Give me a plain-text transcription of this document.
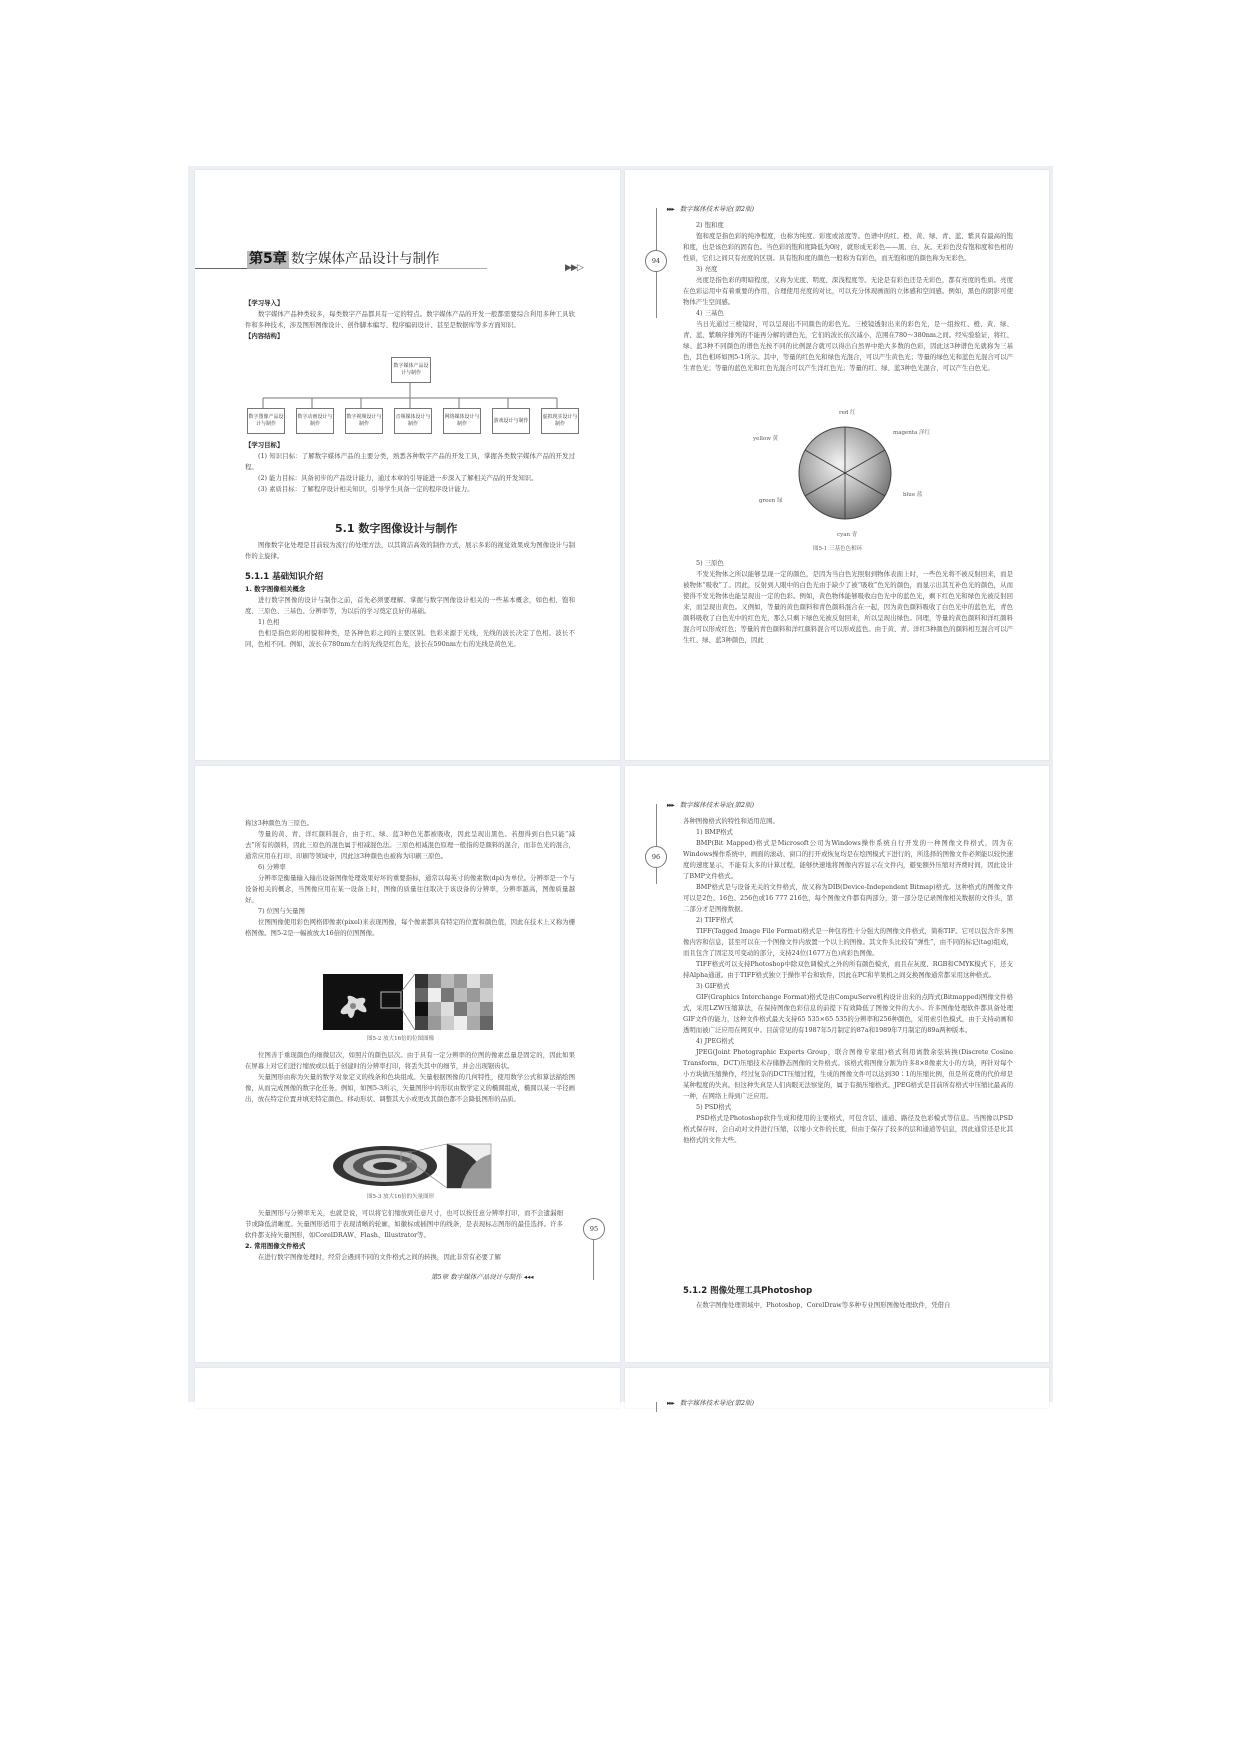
第5章 数字媒体产品设计与制作
▶▶▷

【学习导入】

数字媒体产品种类较多，每类数字产品都具有一定的特点。数字媒体产品的开发一般都需要综合利用多种工具软件和多种技术，涉及图形图像设计、创作脚本编写、程序编码设计、甚至是数据库等多方面知识。

【内容结构】

数字媒体产品设计与制作
数字图像产品设计与制作
数字动画设计与制作
数字视频设计与制作
音频媒体设计与制作
网络媒体设计与制作
游戏设计与制作
虚拟现实设计与制作

【学习目标】

(1) 知识目标：了解数字媒体产品的主要分类，熟悉各种数字产品的开发工具，掌握各类数字媒体产品的开发过程。

(2) 能力目标：具备初步的产品设计能力，通过本章的引导能进一步深入了解相关产品的开发知识。

(3) 素质目标：了解程序设计相关知识，引导学生具备一定的程序设计能力。

5.1 数字图像设计与制作

图像数字化处理是目前较为流行的处理方法，以其简洁高效的制作方式，展示多彩的视觉效果成为图像设计与制作的主旋律。

5.1.1 基础知识介绍

1. 数字图像相关概念

进行数字图像的设计与制作之前，首先必须要理解、掌握与数字图像设计相关的一些基本概念，如色相、饱和度、三原色、三基色、分辨率等，为以后的学习奠定良好的基础。

1) 色相

色相是指色彩的相貌和种类，是各种色彩之间的主要区别。色彩来源于光线，光线的波长决定了色相。波长不同，色相不同。例如，波长在780nm左右的光线是红色光，波长在590nm左右的光线是黄色光。

▸▸▸ 数字媒体技术导论(第2版)
94

2) 饱和度

饱和度是指色彩的纯净程度，也称为纯度、彩度或浓度等。色谱中的红、橙、黄、绿、青、蓝、紫具有最高的饱和度，也是该色彩的固有色。当色彩的饱和度降低为0时，就形成无彩色——黑、白、灰。无彩色没有饱和度和色相的性质，它们之间只有亮度的区别。具有饱和度的颜色一般称为有彩色，而无饱和度的颜色称为无彩色。

3) 亮度

亮度是指色彩的明暗程度，又称为光度、明度、深浅程度等。无论是有彩色还是无彩色，都有亮度的性质。亮度在色彩运用中有着重要的作用，合理使用亮度的对比，可以充分体现画面的立体感和空间感。例如，黑色的阴影可使物体产生空间感。

4) 三基色

当日光通过三棱镜时，可以呈现出不同颜色的彩色光。三棱镜透射出来的彩色光，是一组按红、橙、黄、绿、青、蓝、紫顺序排列的不能再分解的谱色光，它们的波长依次减小，范围在780～380nm之间。经实验验证，将红、绿、蓝3种不同颜色的谱色光按不同的比例混合就可以得出自然界中绝大多数的色彩，因此这3种谱色光就称为三基色，其色相环如图5-1所示。其中，等量的红色光和绿色光混合，可以产生黄色光；等量的绿色光和蓝色光混合可以产生青色光；等量的蓝色光和红色光混合可以产生洋红色光；等量的红、绿、蓝3种色光混合，可以产生白色光。

red 红
magenta 洋红
blue 蓝
cyan 青
green 绿
yellow 黄
图5-1 三基色色相环

5) 三原色

不发光物体之所以能够呈现一定的颜色，是因为当白色光照射到物体表面上时，一些色光将不被反射回来，而是被物体“吸收”了。因此，反射到人眼中的白色光由于缺少了被“吸收”色光的颜色，而显示出其互补色光的颜色，从而使得不发光物体也能呈现出一定的色彩。例如，黄色物体能够吸收白色光中的蓝色光，剩下红色光和绿色光被反射回来，而呈现出黄色。又例如，等量的黄色颜料和青色颜料混合在一起，因为黄色颜料吸收了白色光中的蓝色光，青色颜料吸收了白色光中的红色光，那么只剩下绿色光被反射回来，所以呈现出绿色。同理，等量的黄色颜料和洋红颜料混合可以形成红色；等量的青色颜料和洋红颜料混合可以形成蓝色。由于黄、青、洋红3种颜色的颜料相互混合可以产生红、绿、蓝3种颜色，因此

称这3种颜色为三原色。

等量的黄、青、洋红颜料混合，由于红、绿、蓝3种色光都被吸收，因此呈现出黑色。若想得到白色只能“减去”所有的颜料，因此三原色的混色属于相减混色法。三原色相减混色原理一般指的是颜料的混合，而非色光的混合，通常应用在打印、印刷等领域中，因此这3种颜色也被称为印刷三原色。

6) 分辨率

分辨率是衡量输入输出设备图像处理效果好坏的重要指标，通常以每英寸的像素数(dpi)为单位。分辨率是一个与设备相关的概念，当图像应用在某一设备上时，图像的质量往往取决于该设备的分辨率，分辨率越高，图像质量越好。

7) 位图与矢量图

位图图像使用彩色网格即像素(pixel)来表现图像，每个像素都具有特定的位置和颜色值，因此在技术上又称为栅格图像。图5-2是一幅被放大16倍的位图图像。

图5-2 放大16倍的位图图像

位图善于重现颜色的细微层次，如照片的颜色层次。由于具有一定分辨率的位图的像素总量是固定的，因此如果在屏幕上对它们进行缩放或以低于创建时的分辨率打印，将丢失其中的细节，并会出现锯齿状。

矢量图形由称为矢量的数学对象定义的线条和色块组成。矢量根据图像的几何特性，使用数学公式和算法描绘图像，从而完成图像的数字化任务。例如，如图5-3所示，矢量图形中的形状由数学定义的椭圆组成，椭圆以某一半径画出，放在特定位置并填充特定颜色。移动形状、调整其大小或更改其颜色都不会降低图形的品质。

图5-3 放大16倍的矢量图形

矢量图形与分辨率无关，也就是说，可以将它们缩放到任意尺寸，也可以按任意分辨率打印，而不会遗漏细节或降低清晰度。矢量图形适用于表现清晰的轮廓，如徽标或插图中的线条，是表现标志图形的最佳选择。许多软件都支持矢量图形，如CorelDRAW、Flash、Illustrator等。

2. 常用图像文件格式

在进行数字图像处理时，经常会遇到不同的文件格式之间的转换，因此非常有必要了解

95
第5章 数字媒体产品设计与制作 ◂◂◂
▸▸▸ 数字媒体技术导论(第2版)
96

各种图像格式的特性和适用范围。

1) BMP格式

BMP(Bit Mapped)格式是Microsoft公司为Windows操作系统自行开发的一种图像文件格式，因为在Windows操作系统中，画面的滚动、窗口的打开或恢复均是在绘图模式下进行的，所选择的图像文件必须能以较快速度的速度显示，不能有太多的计算过程，能够快速地将图像内容显示在文件内，避免额外压缩对齐费时间，因此设计了BMP文件格式。

BMP格式是与设备无关的文件格式，故又称为DIB(Device-Independent Bitmap)格式。这种格式的图像文件可以是2色、16色、256色或16 777 216色，每个图像文件都有两部分，第一部分是记录图像相关数据的文件头，第二部分才是图像数据。

2) TIFF格式

TIFF(Tagged Image File Format)格式是一种包容性十分强大的图像文件格式，简称TIF。它可以包含许多图像内容和信息，甚至可以在一个图像文件内放置一个以上的图像。其文件头比较有“弹性”，由不同的标记(tag)组成，而且包含了固定及可变动的部分，支持24位(1677万色)真彩色图像。

TIFF格式可以支持Photoshop中除双色调模式之外的所有颜色模式，而且在灰度、RGB和CMYK模式下，还支持Alpha通道。由于TIFF格式独立于操作平台和软件，因此在PC和苹果机之间交换图像通常都采用这种格式。

3) GIF格式

GIF(Graphics Interchange Format)格式是由CompuServe机构设计出来的点阵式(Bitmapped)图像文件格式，采用LZW压缩算法，在保持图像色彩信息的前提下有效降低了图像文件的大小。许多图像处理软件都具备处理GIF文件的能力，这种文件格式最大支持65 535×65 535的分辨率和256种颜色，采用索引色模式，由于支持动画和透明而被广泛应用在网页中。目前常见的有1987年5月制定的87a和1989年7月制定的89a两种版本。

4) JPEG格式

JPEG(Joint Photographic Experts Group，联合图像专家组)格式利用离散余弦转换(Discrete Cosine Transform，DCT)压缩技术存储静态图像的文件格式。该格式将图像分割为许多8×8像素大小的方块，再针对每个小方块做压缩操作，经过复杂的DCT压缩过程，生成的图像文件可以达到30∶1的压缩比例，但是所花费的代价却是某种程度的失真。但这种失真是人们肉眼无法察觉的，属于有损压缩格式。JPEG格式是目前所有格式中压缩比最高的一种，在网络上得到广泛应用。

5) PSD格式

PSD格式是Photoshop软件生成和使用的主要格式，可包含层、通道、路径及色彩模式等信息。当图像以PSD格式保存时，会自动对文件进行压缩，以缩小文件的长度，但由于保存了较多的层和通道等信息，因此通常还是比其他格式的文件大些。

5.1.2 图像处理工具Photoshop

在数字图像处理领域中，Photoshop、CorelDraw等多种专业图形图像处理软件，凭借自

▸▸▸ 数字媒体技术导论(第2版)
